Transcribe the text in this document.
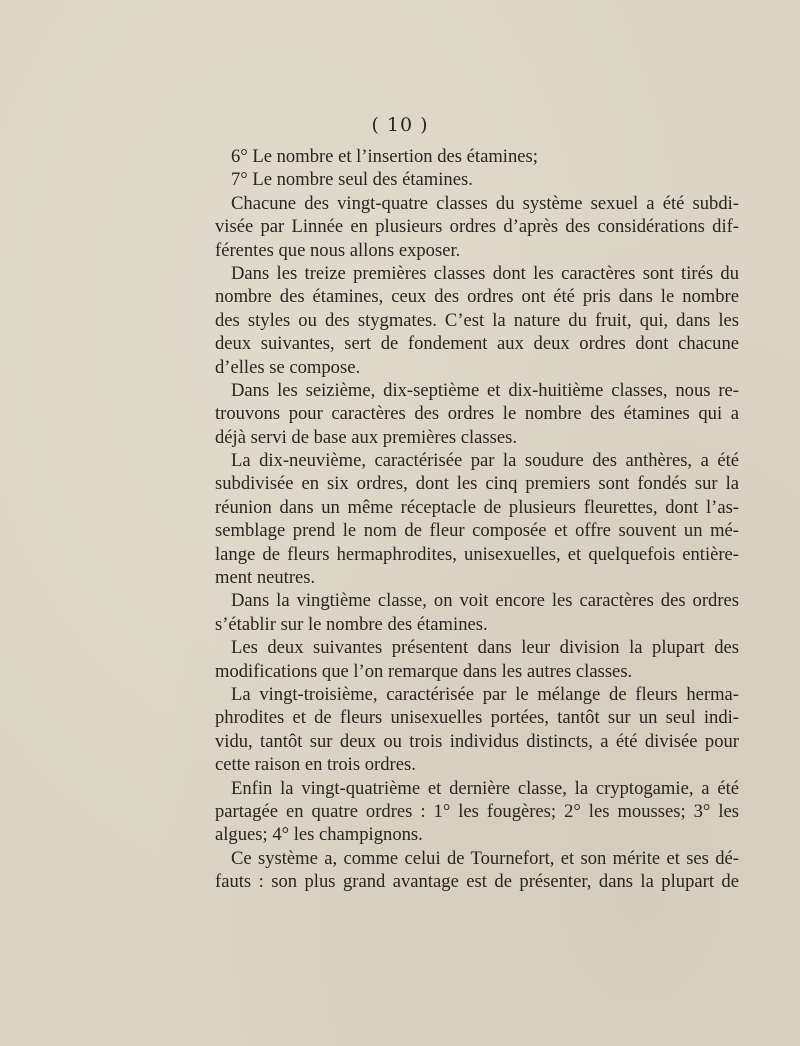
( 10 )
6° Le nombre et l’insertion des étamines;
7° Le nombre seul des étamines.
Chacune des vingt-quatre classes du système sexuel a été subdi-
visée par Linnée en plusieurs ordres d’après des considérations dif-
férentes que nous allons exposer.
Dans les treize premières classes dont les caractères sont tirés du
nombre des étamines, ceux des ordres ont été pris dans le nombre
des styles ou des stygmates. C’est la nature du fruit, qui, dans les
deux suivantes, sert de fondement aux deux ordres dont chacune
d’elles se compose.
Dans les seizième, dix-septième et dix-huitième classes, nous re-
trouvons pour caractères des ordres le nombre des étamines qui a
déjà servi de base aux premières classes.
La dix-neuvième, caractérisée par la soudure des anthères, a été
subdivisée en six ordres, dont les cinq premiers sont fondés sur la
réunion dans un même réceptacle de plusieurs fleurettes, dont l’as-
semblage prend le nom de fleur composée et offre souvent un mé-
lange de fleurs hermaphrodites, unisexuelles, et quelquefois entière-
ment neutres.
Dans la vingtième classe, on voit encore les caractères des ordres
s’établir sur le nombre des étamines.
Les deux suivantes présentent dans leur division la plupart des
modifications que l’on remarque dans les autres classes.
La vingt-troisième, caractérisée par le mélange de fleurs herma-
phrodites et de fleurs unisexuelles portées, tantôt sur un seul indi-
vidu, tantôt sur deux ou trois individus distincts, a été divisée pour
cette raison en trois ordres.
Enfin la vingt-quatrième et dernière classe, la cryptogamie, a été
partagée en quatre ordres : 1° les fougères; 2° les mousses; 3° les
algues; 4° les champignons.
Ce système a, comme celui de Tournefort, et son mérite et ses dé-
fauts : son plus grand avantage est de présenter, dans la plupart de
